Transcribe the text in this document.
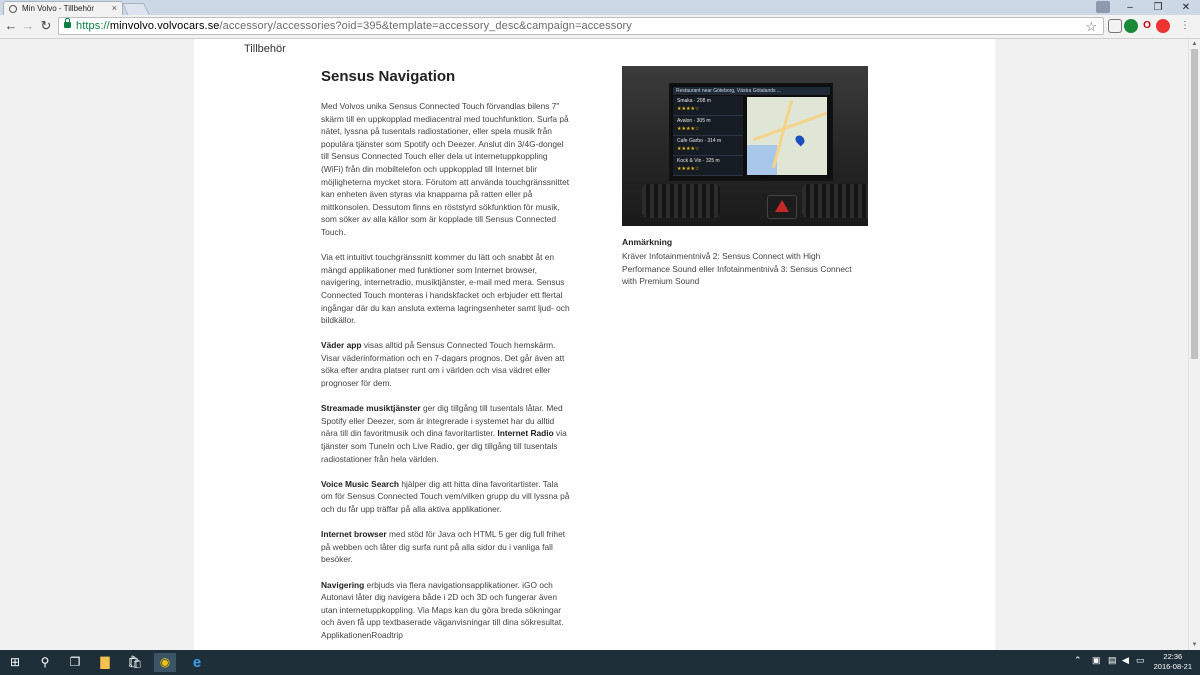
Min Volvo - Tillbehör ×	–	❐	✕
← → ↻ https://minvolvo.volvocars.se/accessory/accessories?oid=395&template=accessory_desc&campaign=accessory	☆	O	⋮
Tillbehör
Sensus Navigation

Med Volvos unika Sensus Connected Touch förvandlas bilens 7" skärm till en uppkopplad mediacentral med touchfunktion. Surfa på nätet, lyssna på tusentals radiostationer, eller spela musik från populära tjänster som Spotify och Deezer. Anslut din 3/4G-dongel till Sensus Connected Touch eller dela ut internetuppkoppling (WiFi) från din mobiltelefon och uppkopplad till Internet blir möjligheterna mycket stora. Förutom att använda touchgränssnittet kan enheten även styras via knapparna på ratten eller på mittkonsolen. Dessutom finns en röststyrd sökfunktion för musik, som söker av alla källor som är kopplade till Sensus Connected Touch.

Via ett intuitivt touchgränssnitt kommer du lätt och snabbt åt en mängd applikationer med funktioner som Internet browser, navigering, internetradio, musiktjänster, e-mail med mera. Sensus Connected Touch monteras i handskfacket och erbjuder ett flertal ingångar där du kan ansluta externa lagringsenheter samt ljud- och bildkällor.

Väder app visas alltid på Sensus Connected Touch hemskärm. Visar väderinformation och en 7-dagars prognos. Det går även att söka efter andra platser runt om i världen och visa vädret eller prognoser för dem.

Streamade musiktjänster ger dig tillgång till tusentals låtar. Med Spotify eller Deezer, som är integrerade i systemet har du alltid nära till din favoritmusik och dina favoritartister. Internet Radio via tjänster som TuneIn och Live Radio, ger dig tillgång till tusentals radiostationer från hela världen.

Voice Music Search hjälper dig att hitta dina favoritartister. Tala om för Sensus Connected Touch vem/vilken grupp du vill lyssna på och du får upp träffar på alla aktiva applikationer.

Internet browser med stöd för Java och HTML 5 ger dig full frihet på webben och låter dig surfa runt på alla sidor du i vanliga fall besöker.

Navigering erbjuds via flera navigationsapplikationer. iGO och Autonavi låter dig navigera både i 2D och 3D och fungerar även utan internetuppkoppling. Via Maps kan du göra breda sökningar och även få upp textbaserade väganvisningar till dina sökresultat. ApplikationenRoadtrip

Restaurant near Göteborg, Västra Götalands ...
Smaka · 208 m
★★★★☆
Avalon · 305 m
★★★★☆
Cafe Garbo · 314 m
★★★★☆
Kock & Vin · 325 m
★★★★☆
Anmärkning
Kräver Infotainmentnivå 2: Sensus Connect with High Performance Sound eller Infotainmentnivå 3: Sensus Connect with Premium Sound
▲
▼
⊞	⚲	❐	▇	🛍	◉	e	⌃ ▣ ▤ ◀ ▭	22:36
2016-08-21
